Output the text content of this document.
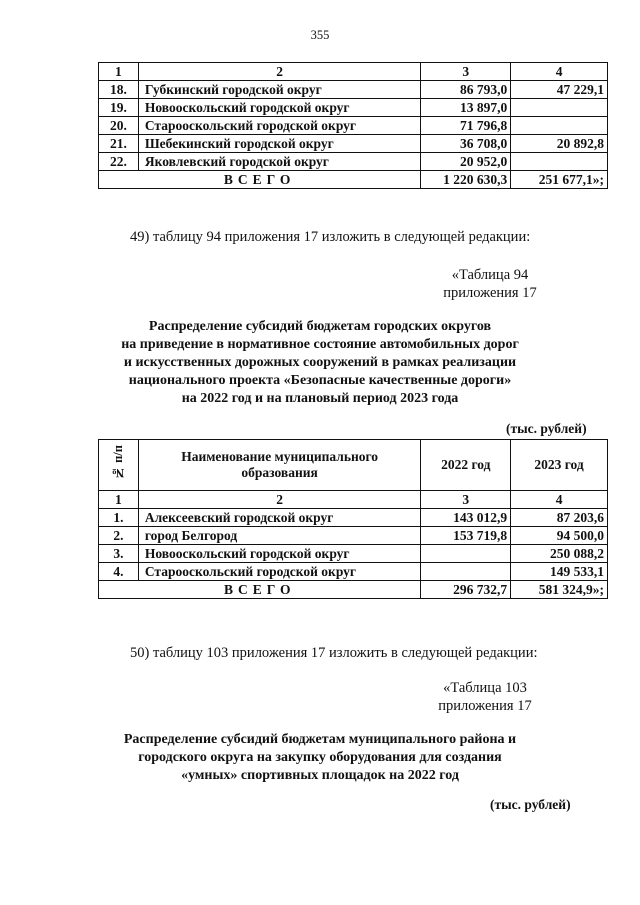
355
1	2	3	4
18.	Губкинский городской округ	86 793,0	47 229,1
19.	Новооскольский городской округ	13 897,0	
20.	Старооскольский городской округ	71 796,8	
21.	Шебекинский городской округ	36 708,0	20 892,8
22.	Яковлевский городской округ	20 952,0	
ВСЕГО		1 220 630,3	251 677,1»;
49) таблицу 94 приложения 17 изложить в следующей редакции:
«Таблица 94
приложения 17
Распределение субсидий бюджетам городских округов
на приведение в нормативное состояние автомобильных дорог
и искусственных дорожных сооружений в рамках реализации
национального проекта «Безопасные качественные дороги»
на 2022 год и на плановый период 2023 года
(тыс. рублей)
№ п/п	Наименование муниципального образования	2022 год	2023 год
1	2	3	4
1.	Алексеевский городской округ	143 012,9	87 203,6
2.	город Белгород	153 719,8	94 500,0
3.	Новооскольский городской округ		250 088,2
4.	Старооскольский городской округ		149 533,1
ВСЕГО		296 732,7	581 324,9»;
50) таблицу 103 приложения 17 изложить в следующей редакции:
«Таблица 103
приложения 17
Распределение субсидий бюджетам муниципального района и
городского округа на закупку оборудования для создания
«умных» спортивных площадок на 2022 год
(тыс. рублей)
